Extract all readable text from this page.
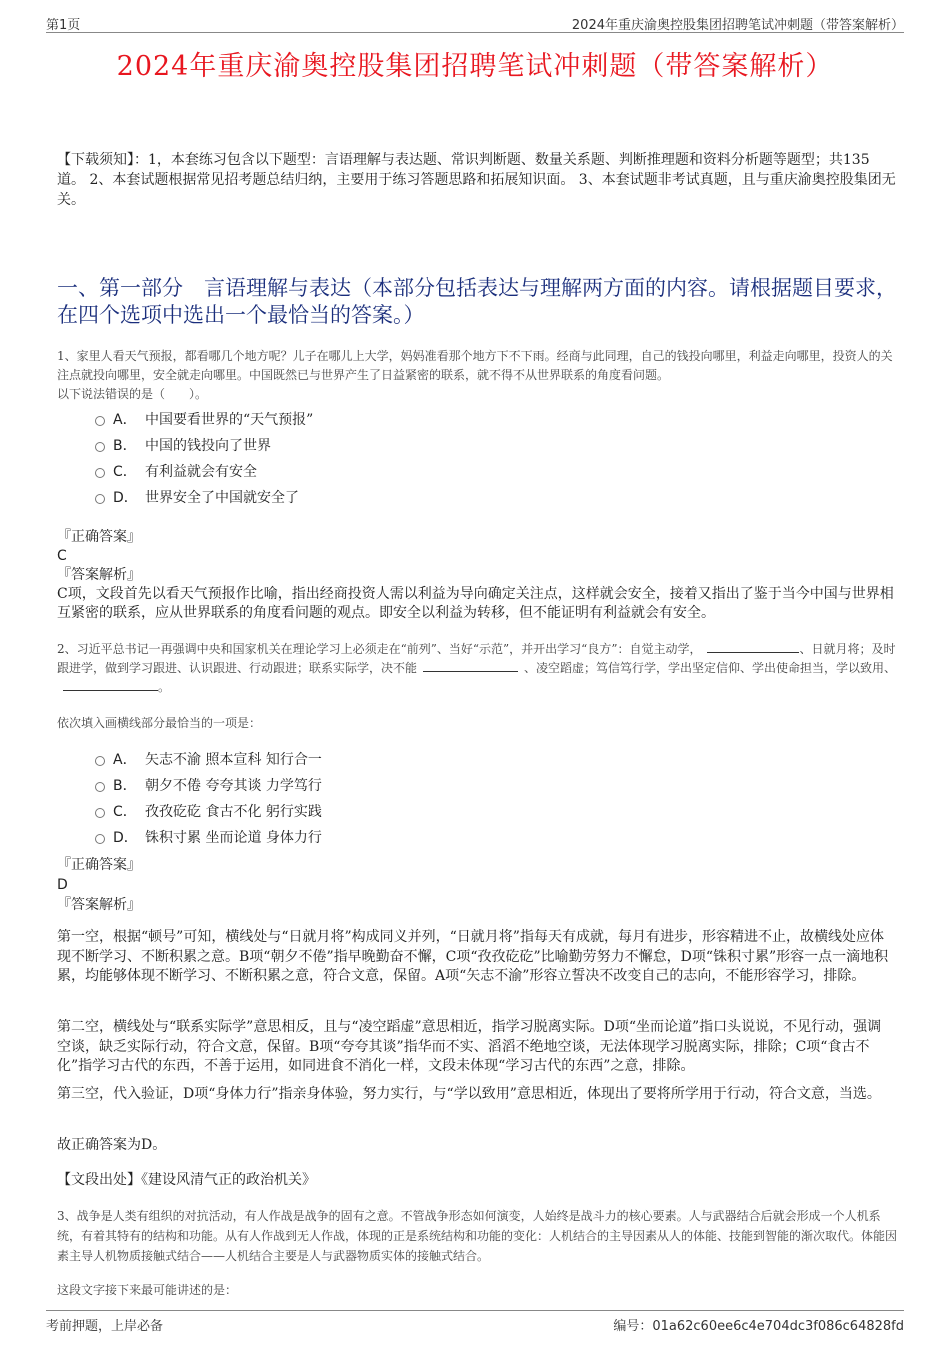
第1页	2024年重庆渝奥控股集团招聘笔试冲刺题（带答案解析）
2024年重庆渝奥控股集团招聘笔试冲刺题（带答案解析）
【下载须知】：1，本套练习包含以下题型：言语理解与表达题、常识判断题、数量关系题、判断推理题和资料分析题等题型；共135道。 2、本套试题根据常见招考题总结归纳，主要用于练习答题思路和拓展知识面。 3、本套试题非考试真题，且与重庆渝奥控股集团无关。
一、第一部分　言语理解与表达（本部分包括表达与理解两方面的内容。请根据题目要求，在四个选项中选出一个最恰当的答案。）
1、家里人看天气预报，都看哪几个地方呢？儿子在哪儿上大学，妈妈准看那个地方下不下雨。经商与此同理，自己的钱投向哪里，利益走向哪里，投资人的关注点就投向哪里，安全就走向哪里。中国既然已与世界产生了日益紧密的联系，就不得不从世界联系的角度看问题。
以下说法错误的是（　　）。
A． 中国要看世界的“天气预报”
B． 中国的钱投向了世界
C． 有利益就会有安全
D． 世界安全了中国就安全了
『正确答案』
C
『答案解析』
C项，文段首先以看天气预报作比喻，指出经商投资人需以利益为导向确定关注点，这样就会安全，接着又指出了鉴于当今中国与世界相互紧密的联系，应从世界联系的角度看问题的观点。即安全以利益为转移，但不能证明有利益就会有安全。
2、习近平总书记一再强调中央和国家机关在理论学习上必须走在“前列”、当好“示范”，并开出学习“良方”：自觉主动学，	、日就月将；及时跟进学，做到学习跟进、认识跟进、行动跟进；联系实际学，决不能	、凌空蹈虚；笃信笃行学，学出坚定信仰、学出使命担当，学以致用、。
依次填入画横线部分最恰当的一项是：
A． 矢志不渝 照本宣科 知行合一
B． 朝夕不倦 夸夸其谈 力学笃行
C． 孜孜矻矻 食古不化 躬行实践
D． 铢积寸累 坐而论道 身体力行
『正确答案』
D
『答案解析』
第一空，根据“顿号”可知，横线处与“日就月将”构成同义并列，“日就月将”指每天有成就，每月有进步，形容精进不止，故横线处应体现不断学习、不断积累之意。B项“朝夕不倦”指早晚勤奋不懈，C项“孜孜矻矻”比喻勤劳努力不懈怠，D项“铢积寸累”形容一点一滴地积累，均能够体现不断学习、不断积累之意，符合文意，保留。A项“矢志不渝”形容立誓决不改变自己的志向，不能形容学习，排除。
第二空，横线处与“联系实际学”意思相反，且与“凌空蹈虚”意思相近，指学习脱离实际。D项“坐而论道”指口头说说，不见行动，强调空谈，缺乏实际行动，符合文意，保留。B项“夸夸其谈”指华而不实、滔滔不绝地空谈，无法体现学习脱离实际，排除；C项“食古不化”指学习古代的东西，不善于运用，如同进食不消化一样，文段未体现“学习古代的东西”之意，排除。
第三空，代入验证，D项“身体力行”指亲身体验，努力实行，与“学以致用”意思相近，体现出了要将所学用于行动，符合文意，当选。
故正确答案为D。
【文段出处】《建设风清气正的政治机关》
3、战争是人类有组织的对抗活动，有人作战是战争的固有之意。不管战争形态如何演变，人始终是战斗力的核心要素。人与武器结合后就会形成一个人机系统，有着其特有的结构和功能。从有人作战到无人作战，体现的正是系统结构和功能的变化：人机结合的主导因素从人的体能、技能到智能的渐次取代。体能因素主导人机物质接触式结合——人机结合主要是人与武器物质实体的接触式结合。
这段文字接下来最可能讲述的是：
考前押题，上岸必备	编号：01a62c60ee6c4e704dc3f086c64828fd
